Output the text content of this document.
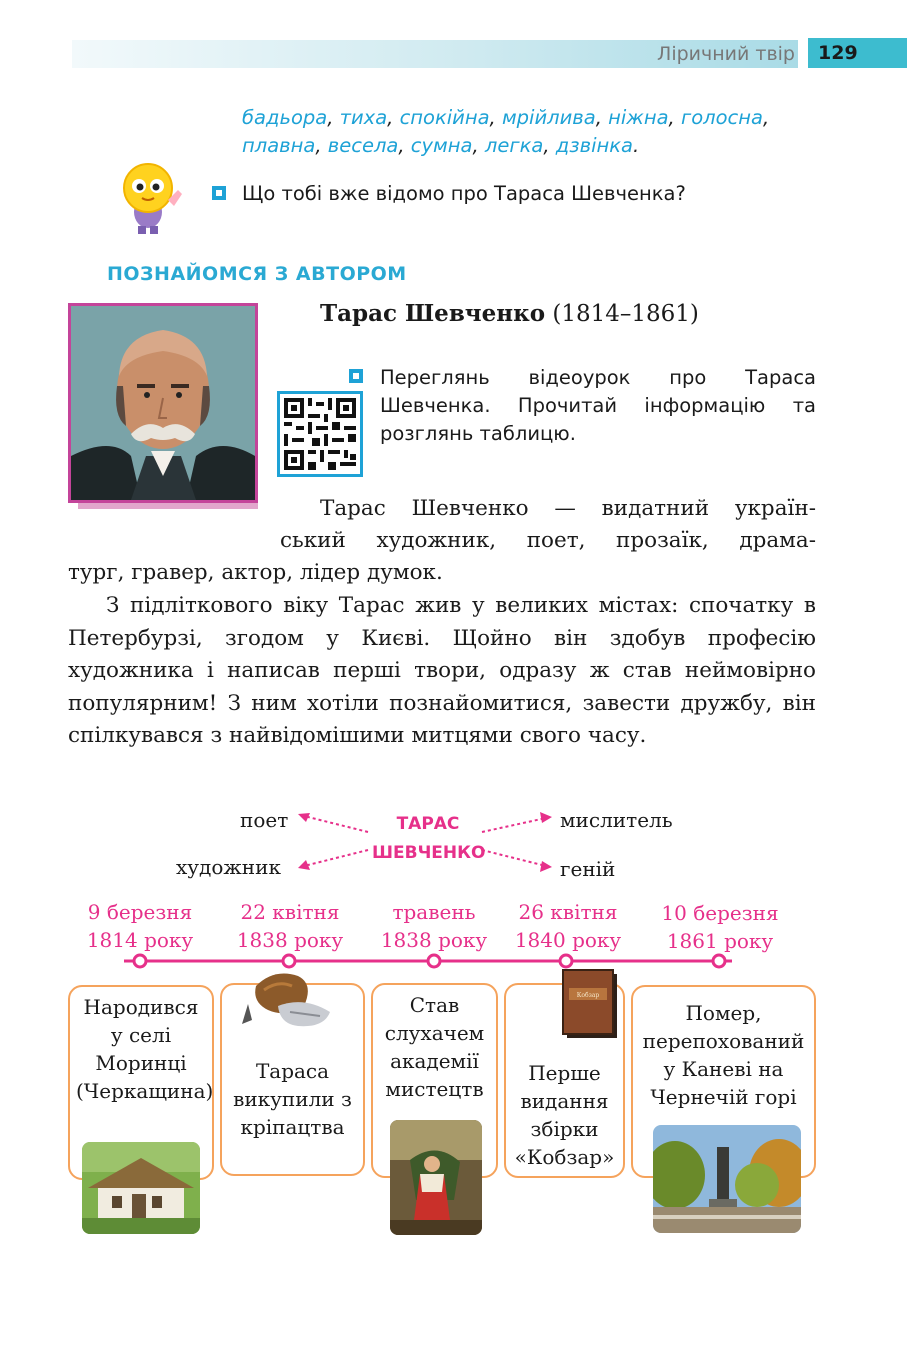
Ліричний твір	129
бадьора, тиха, спокійна, мрійлива, ніжна, голосна,
плавна, весела, сумна, легка, дзвінка.
Що тобі вже відомо про Тараса Шевченка?
ПОЗНАЙОМСЯ З АВТОРОМ
Тарас Шевченко (1814–1861)
Переглянь відеоурок про Тараса Шевченка. Прочитай інформацію та розглянь таблицю.
Тарас Шевченко — видатний україн-
ський художник, поет, прозаїк, драма-
тург, гравер, актор, лідер думок.
З підліткового віку Тарас жив у великих містах: спочатку в Петербурзі, згодом у Києві. Щойно він здобув професію художника і написав перші твори, одразу ж став неймовірно популярним! З ним хотіли познайомитися, завести дружбу, він спілкувався з найвідомішими митцями свого часу.
ТАРАС
ШЕВЧЕНКО
поет
художник
мислитель
геній
9 березня
1814 року
22 квітня
1838 року
травень
1838 року
26 квітня
1840 року
10 березня
1861 року
Народився у селі Моринці (Черкащина)
Тараса викупили з кріпацтва
Став слухачем академії мистецтв
Перше видання збірки «Кобзар»
Помер, перепохований у Каневі на Чернечій горі
Кобзар
